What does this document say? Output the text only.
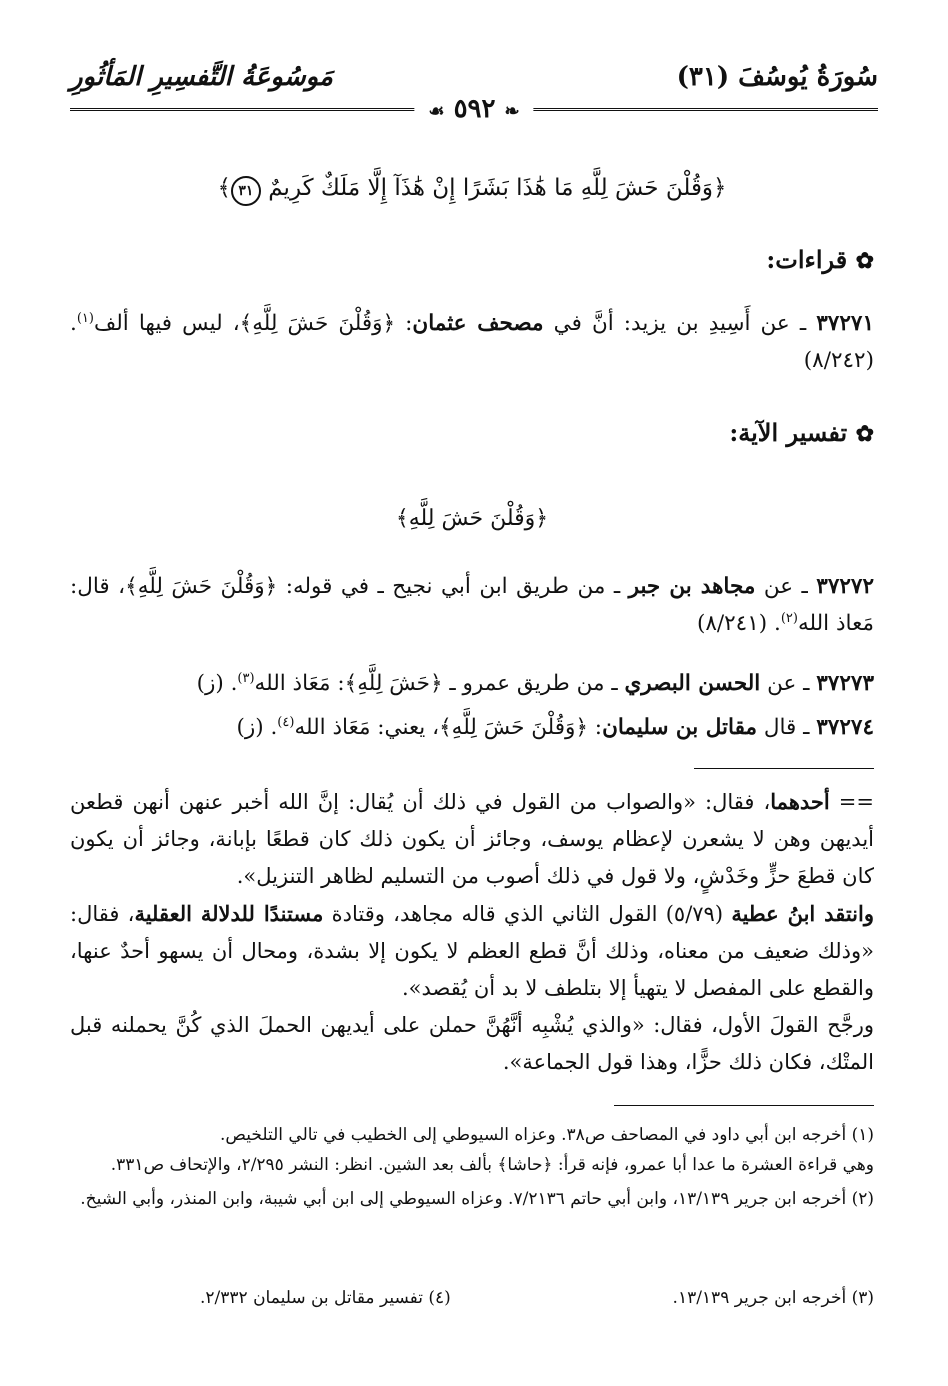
سُورَةُ يُوسُفَ (٣١)
مَوسُوعَةُ التَّفسِيرِ المَأثُورِ
❧ ٥٩٢ ☙
﴿وَقُلْنَ حَشَ لِلَّهِ مَا هَٰذَا بَشَرًا إِنْ هَٰذَآ إِلَّا مَلَكٌ كَرِيمٌ ٣١﴾
✿ قراءات:
٣٧٢٧١ ـ عن أَسِيدِ بن يزيد: أنَّ في مصحف عثمان: ﴿وَقُلْنَ حَشَ لِلَّهِ﴾، ليس فيها ألف$^{(١)}$. (٨/٢٤٢)
✿ تفسير الآية:
﴿وَقُلْنَ حَشَ لِلَّهِ﴾
٣٧٢٧٢ ـ عن مجاهد بن جبر ـ من طريق ابن أبي نجيح ـ في قوله: ﴿وَقُلْنَ حَشَ لِلَّهِ﴾، قال: مَعاذ الله$^{(٢)}$. (٨/٢٤١)
٣٧٢٧٣ ـ عن الحسن البصري ـ من طريق عمرو ـ ﴿حَشَ لِلَّهِ﴾: مَعَاذ الله$^{(٣)}$. (ز)
٣٧٢٧٤ ـ قال مقاتل بن سليمان: ﴿وَقُلْنَ حَشَ لِلَّهِ﴾، يعني: مَعَاذ الله$^{(٤)}$. (ز)

== أحدهما، فقال: «والصواب من القول في ذلك أن يُقال: إنَّ الله أخبر عنهن أنهن قطعن أيديهن وهن لا يشعرن لإعظام يوسف، وجائز أن يكون ذلك كان قطعًا بإبانة، وجائز أن يكون كان قطعَ حزٍّ وخَدْشٍ، ولا قول في ذلك أصوب من التسليم لظاهر التنزيل».

وانتقد ابنُ عطية (٥/٧٩) القول الثاني الذي قاله مجاهد، وقتادة مستندًا للدلالة العقلية، فقال: «وذلك ضعيف من معناه، وذلك أنَّ قطع العظم لا يكون إلا بشدة، ومحال أن يسهو أحدٌ عنها، والقطع على المفصل لا يتهيأ إلا بتلطف لا بد أن يُقصد».

ورجَّح القولَ الأول، فقال: «والذي يُشْبِه أنَّهُنَّ حملن على أيديهن الحملَ الذي كُنَّ يحملنه قبل المتْك، فكان ذلك حزًّا، وهذا قول الجماعة».

(١) أخرجه ابن أبي داود في المصاحف ص٣٨. وعزاه السيوطي إلى الخطيب في تالي التلخيص.

وهي قراءة العشرة ما عدا أبا عمرو، فإنه قرأ: ﴿حاشا﴾ بألف بعد الشين. انظر: النشر ٢/٢٩٥، والإتحاف ص٣٣١.

(٢) أخرجه ابن جرير ١٣/١٣٩، وابن أبي حاتم ٧/٢١٣٦. وعزاه السيوطي إلى ابن أبي شيبة، وابن المنذر، وأبي الشيخ.

(٣) أخرجه ابن جرير ١٣/١٣٩.
(٤) تفسير مقاتل بن سليمان ٢/٣٣٢.
